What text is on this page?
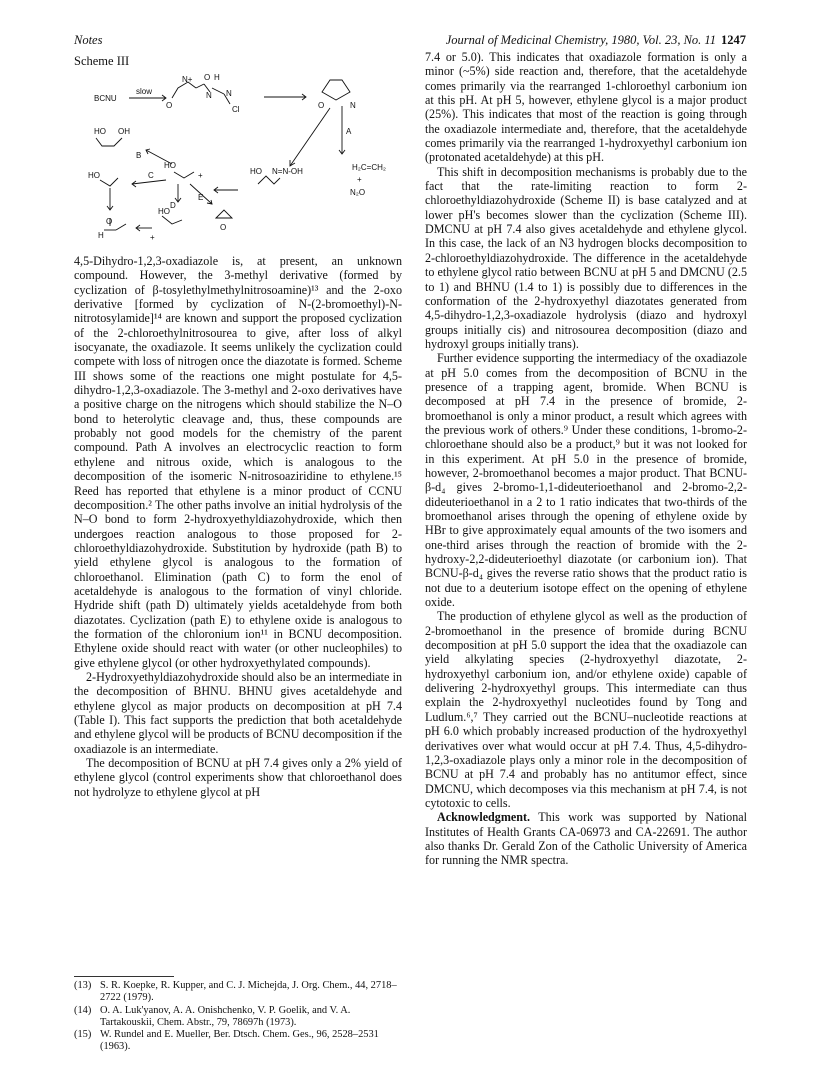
Notes	Journal of Medicinal Chemistry, 1980, Vol. 23, No. 11 1247
Scheme III
BCNU
slow
O
N+ O H
N N
Cl	O	N
A
H₂C=CH₂
+
N₂O
HO N=N-OH
HO OH
B
HO
+
C
HO
D
E
O
O
H
HO
+

4,5-Dihydro-1,2,3-oxadiazole is, at present, an unknown compound. However, the 3-methyl derivative (formed by cyclization of β-tosylethylmethylnitrosoamine)¹³ and the 2-oxo derivative [formed by cyclization of N-(2-bromoethyl)-N-nitrotosylamide]¹⁴ are known and support the proposed cyclization of the 2-chloroethylnitrosourea to give, after loss of alkyl isocyanate, the oxadiazole. It seems unlikely the cyclization could compete with loss of nitrogen once the diazotate is formed. Scheme III shows some of the reactions one might postulate for 4,5-dihydro-1,2,3-oxadiazole. The 3-methyl and 2-oxo derivatives have a positive charge on the nitrogens which should stabilize the N–O bond to heterolytic cleavage and, thus, these compounds are probably not good models for the chemistry of the parent compound. Path A involves an electrocyclic reaction to form ethylene and nitrous oxide, which is analogous to the decomposition of the isomeric N-nitrosoaziridine to ethylene.¹⁵ Reed has reported that ethylene is a minor product of CCNU decomposition.² The other paths involve an initial hydrolysis of the N–O bond to form 2-hydroxyethyldiazohydroxide, which then undergoes reaction analogous to those proposed for 2-chloroethyldiazohydroxide. Substitution by hydroxide (path B) to yield ethylene glycol is analogous to the formation of chloroethanol. Elimination (path C) to form the enol of acetaldehyde is analogous to the formation of vinyl chloride. Hydride shift (path D) ultimately yields acetaldehyde from both diazotates. Cyclization (path E) to ethylene oxide is analogous to the formation of the chloronium ion¹¹ in BCNU decomposition. Ethylene oxide should react with water (or other nucleophiles) to give ethylene glycol (or other hydroxyethylated compounds).

2-Hydroxyethyldiazohydroxide should also be an intermediate in the decomposition of BHNU. BHNU gives acetaldehyde and ethylene glycol as major products on decomposition at pH 7.4 (Table I). This fact supports the prediction that both acetaldehyde and ethylene glycol will be products of BCNU decomposition if the oxadiazole is an intermediate.

The decomposition of BCNU at pH 7.4 gives only a 2% yield of ethylene glycol (control experiments show that chloroethanol does not hydrolyze to ethylene glycol at pH

(13) S. R. Koepke, R. Kupper, and C. J. Michejda, J. Org. Chem., 44, 2718–2722 (1979).
(14) O. A. Luk'yanov, A. A. Onishchenko, V. P. Goelik, and V. A. Tartakouskii, Chem. Abstr., 79, 78697h (1973).
(15) W. Rundel and E. Mueller, Ber. Dtsch. Chem. Ges., 96, 2528–2531 (1963).

7.4 or 5.0). This indicates that oxadiazole formation is only a minor (~5%) side reaction and, therefore, that the acetaldehyde comes primarily via the rearranged 1-chloroethyl carbonium ion at this pH. At pH 5, however, ethylene glycol is a major product (25%). This indicates that most of the reaction is going through the oxadiazole intermediate and, therefore, that the acetaldehyde comes primarily via the rearranged 1-hydroxyethyl carbonium ion (protonated acetaldehyde) at this pH.

This shift in decomposition mechanisms is probably due to the fact that the rate-limiting reaction to form 2-chloroethyldiazohydroxide (Scheme II) is base catalyzed and at lower pH's becomes slower than the cyclization (Scheme III). DMCNU at pH 7.4 also gives acetaldehyde and ethylene glycol. In this case, the lack of an N3 hydrogen blocks decomposition to 2-chloroethyldiazohydroxide. The difference in the acetaldehyde to ethylene glycol ratio between BCNU at pH 5 and DMCNU (2.5 to 1) and BHNU (1.4 to 1) is possibly due to differences in the conformation of the 2-hydroxyethyl diazotates generated from 4,5-dihydro-1,2,3-oxadiazole hydrolysis (diazo and hydroxyl groups initially cis) and nitrosourea decomposition (diazo and hydroxyl groups initially trans).

Further evidence supporting the intermediacy of the oxadiazole at pH 5.0 comes from the decomposition of BCNU in the presence of a trapping agent, bromide. When BCNU is decomposed at pH 7.4 in the presence of bromide, 2-bromoethanol is only a minor product, a result which agrees with the previous work of others.⁹ Under these conditions, 1-bromo-2-chloroethane should also be a product,⁹ but it was not looked for in this experiment. At pH 5.0 in the presence of bromide, however, 2-bromoethanol becomes a major product. That BCNU-β-d₄ gives 2-bromo-1,1-dideuterioethanol and 2-bromo-2,2-dideuterioethanol in a 2 to 1 ratio indicates that two-thirds of the bromoethanol arises through the opening of ethylene oxide by HBr to give approximately equal amounts of the two isomers and one-third arises through the reaction of bromide with the 2-hydroxy-2,2-dideuterioethyl diazotate (or carbonium ion). That BCNU-β-d₄ gives the reverse ratio shows that the product ratio is not due to a deuterium isotope effect on the opening of ethylene oxide.

The production of ethylene glycol as well as the production of 2-bromoethanol in the presence of bromide during BCNU decomposition at pH 5.0 support the idea that the oxadiazole can yield alkylating species (2-hydroxyethyl diazotate, 2-hydroxyethyl carbonium ion, and/or ethylene oxide) capable of delivering 2-hydroxyethyl groups. This intermediate can thus explain the 2-hydroxyethyl nucleotides found by Tong and Ludlum.⁶,⁷ They carried out the BCNU–nucleotide reactions at pH 6.0 which probably increased production of the hydroxyethyl derivatives over what would occur at pH 7.4. Thus, 4,5-dihydro-1,2,3-oxadiazole plays only a minor role in the decomposition of BCNU at pH 7.4 and probably has no antitumor effect, since DMCNU, which decomposes via this mechanism at pH 7.4, is not cytotoxic to cells.

Acknowledgment. This work was supported by National Institutes of Health Grants CA-06973 and CA-22691. The author also thanks Dr. Gerald Zon of the Catholic University of America for running the NMR spectra.
